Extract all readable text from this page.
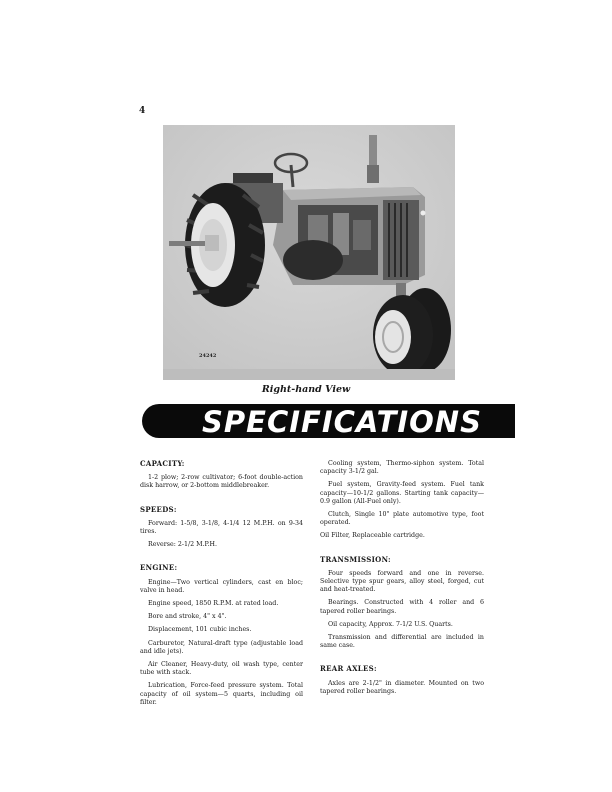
4
24242
Right-hand View
SPECIFICATIONS
CAPACITY:

1-2 plow; 2-row cultivator; 6-foot double-action disk harrow, or 2-bottom middlebreaker.

SPEEDS:

Forward: 1-5/8, 3-1/8, 4-1/4 12 M.P.H. on 9-34 tires.

Reverse: 2-1/2 M.P.H.

ENGINE:

Engine—Two vertical cylinders, cast en bloc; valve in head.

Engine speed, 1850 R.P.M. at rated load.

Bore and stroke, 4" x 4".

Displacement, 101 cubic inches.

Carburetor, Natural-draft type (adjustable load and idle jets).

Air Cleaner, Heavy-duty, oil wash type, center tube with stack.

Lubrication, Force-feed pressure system. Total capacity of oil system—5 quarts, including oil filter.

Cooling system, Thermo-siphon system. Total capacity 3-1/2 gal.

Fuel system, Gravity-feed system. Fuel tank capacity—10-1/2 gallons. Starting tank capacity—0.9 gallon (All-Fuel only).

Clutch, Single 10" plate automotive type, foot operated.

Oil Filter, Replaceable cartridge.

TRANSMISSION:

Four speeds forward and one in reverse. Selective type spur gears, alloy steel, forged, cut and heat-treated.

Bearings. Constructed with 4 roller and 6 tapered roller bearings.

Oil capacity, Approx. 7-1/2 U.S. Quarts.

Transmission and differential are included in same case.

REAR AXLES:

Axles are 2-1/2" in diameter. Mounted on two tapered roller bearings.
